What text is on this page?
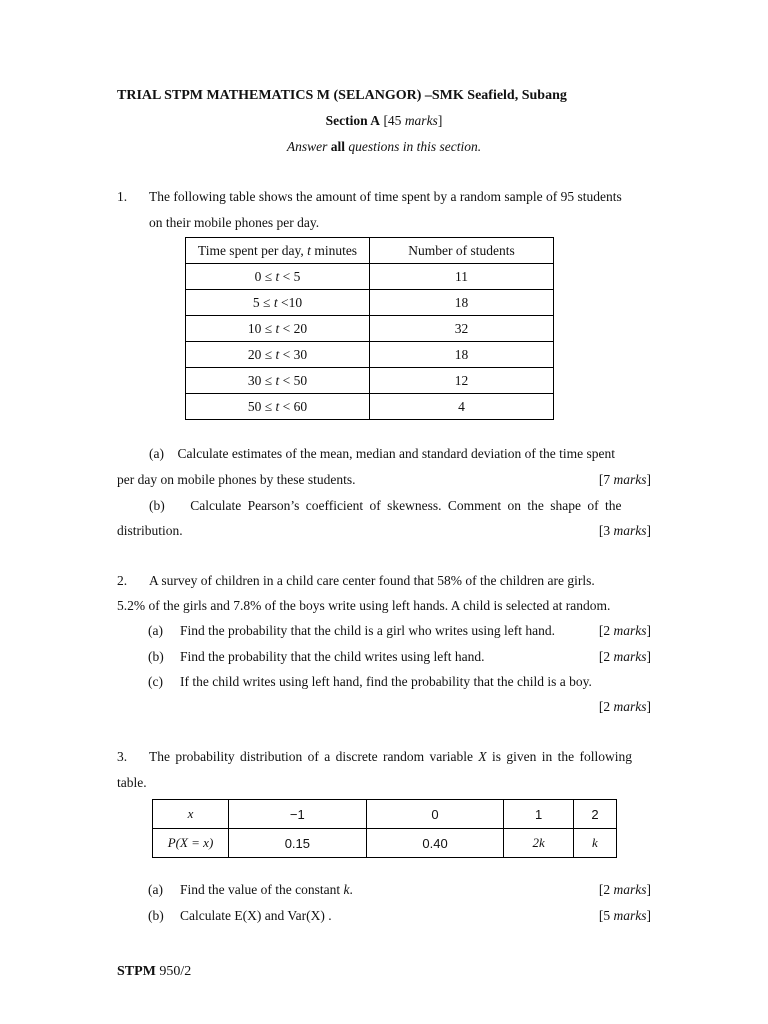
TRIAL STPM MATHEMATICS M (SELANGOR) –SMK Seafield, Subang
Section A [45 marks]
Answer all questions in this section.
1. The following table shows the amount of time spent by a random sample of 95 students
on their mobile phones per day.
Time spent per day, t minutes	Number of students
0 ≤ t < 5	11
5 ≤ t <10	18
10 ≤ t < 20	32
20 ≤ t < 30	18
30 ≤ t < 50	12
50 ≤ t < 60	4
(a)    Calculate estimates of the mean, median and standard deviation of the time spent
per day on mobile phones by these students.	[7 marks]
(b)    Calculate Pearson’s coefficient of skewness. Comment on the shape of the
distribution.	[3 marks]
2. A survey of children in a child care center found that 58% of the children are girls.
5.2% of the girls and 7.8% of the boys write using left hands. A child is selected at random.
(a) Find the probability that the child is a girl who writes using left hand.	[2 marks]
(b) Find the probability that the child writes using left hand.	[2 marks]
(c) If the child writes using left hand, find the probability that the child is a boy.
[2 marks]
3. The probability distribution of a discrete random variable X is given in the following
table.
x	−1	0	1	2
P(X = x)	0.15	0.40	2k	k
(a) Find the value of the constant k.	[2 marks]
(b) Calculate E(X) and Var(X) .	[5 marks]
STPM 950/2
